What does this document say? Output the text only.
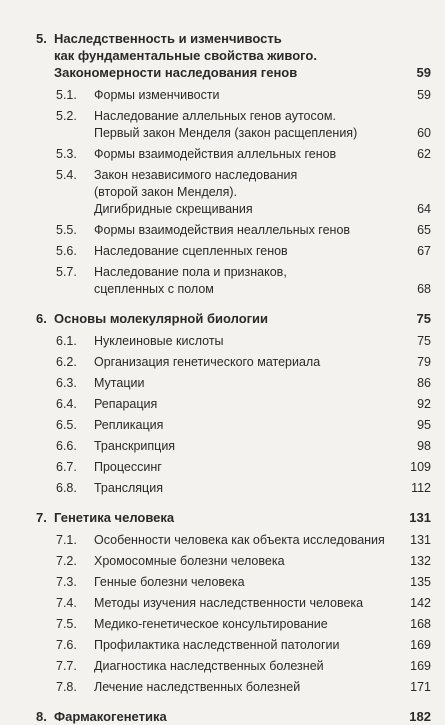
5. Наследственность и изменчивость
как фундаментальные свойства живого.
Закономерности наследования генов	59
5.1. Формы изменчивости	59
5.2. Наследование аллельных генов аутосом.
Первый закон Менделя (закон расщепления)	60
5.3. Формы взаимодействия аллельных генов	62
5.4. Закон независимого наследования
(второй закон Менделя).
Дигибридные скрещивания	64
5.5. Формы взаимодействия неаллельных генов	65
5.6. Наследование сцепленных генов	67
5.7. Наследование пола и признаков,
сцепленных с полом	68
6. Основы молекулярной биологии	75
6.1. Нуклеиновые кислоты	75
6.2. Организация генетического материала	79
6.3. Мутации	86
6.4. Репарация	92
6.5. Репликация	95
6.6. Транскрипция	98
6.7. Процессинг	109
6.8. Трансляция	112
7. Генетика человека	131
7.1. Особенности человека как объекта исследования	131
7.2. Хромосомные болезни человека	132
7.3. Генные болезни человека	135
7.4. Методы изучения наследственности человека	142
7.5. Медико-генетическое консультирование	168
7.6. Профилактика наследственной патологии	169
7.7. Диагностика наследственных болезней	169
7.8. Лечение наследственных болезней	171
8. Фармакогенетика	182
